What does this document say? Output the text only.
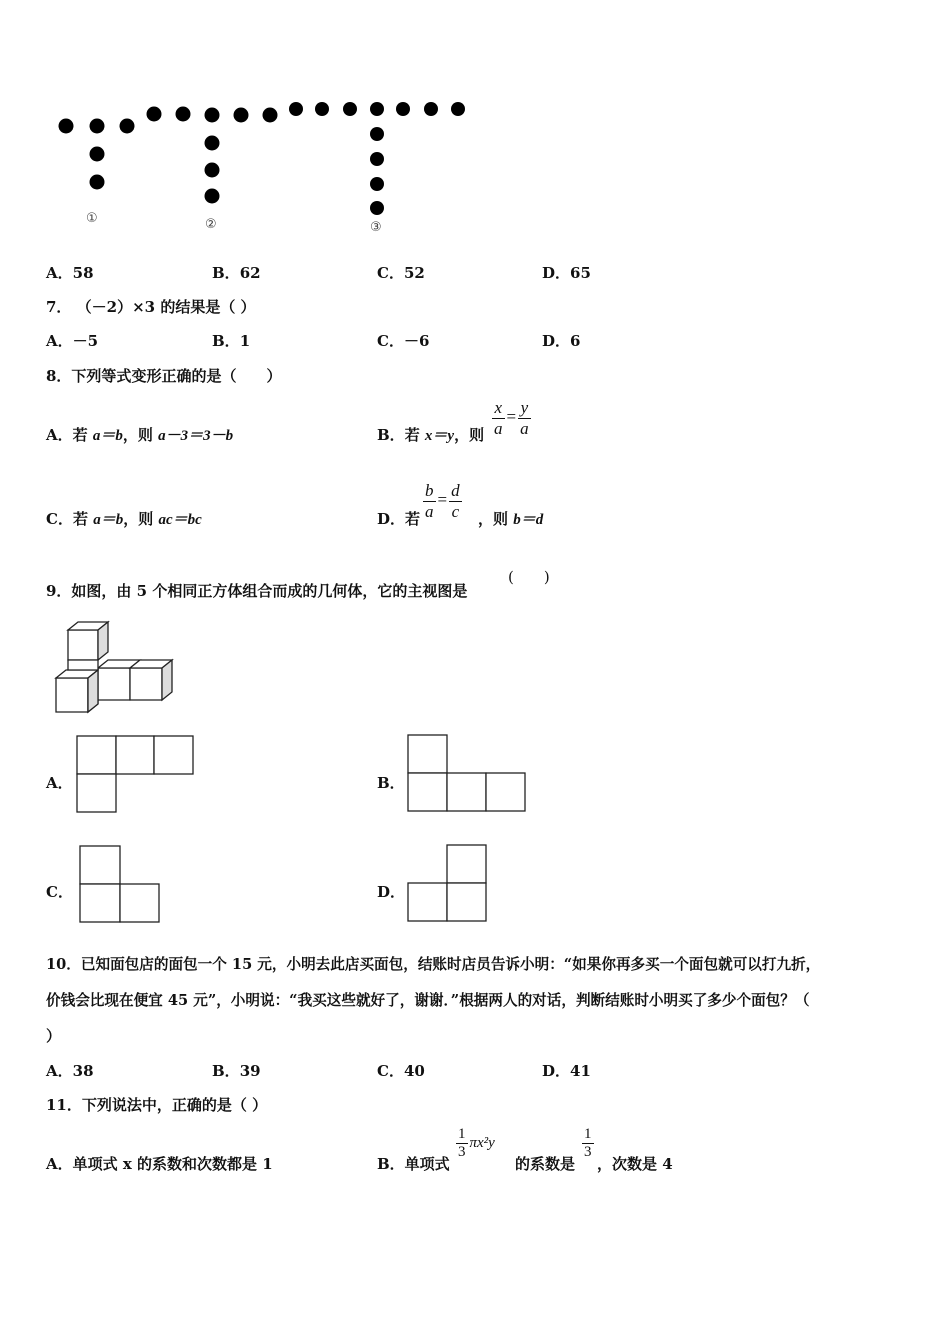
①	②	③
A．58	B．62	C．52	D．65
7． （－2）×3 的结果是（ ）
A．－5	B．1	C．－6	D．6
8．下列等式变形正确的是（　　）
A．若 a＝b，则 a－3＝3－b	B．若 x＝y，则 $\frac{x}{a} = \frac{y}{a}$
C．若 a＝b，则 ac＝bc	D．若 $\frac{b}{a} = \frac{d}{c}$ ，则 b＝d
9．如图，由 5 个相同正方体组合而成的几何体，它的主视图是
(　　)
A．	B．
C．	D．
10．已知面包店的面包一个 15 元，小明去此店买面包，结账时店员告诉小明：“如果你再多买一个面包就可以打九折，
价钱会比现在便宜 45 元”，小明说：“我买这些就好了，谢谢．”根据两人的对话，判断结账时小明买了多少个面包？（
）
A．38	B．39	C．40	D．41
11．下列说法中，正确的是（ ）
A．单项式 x 的系数和次数都是 1	B．单项式
$\frac{1}{3} \pi x^2y$
的系数是
$\frac{1}{3}$
，次数是 4
